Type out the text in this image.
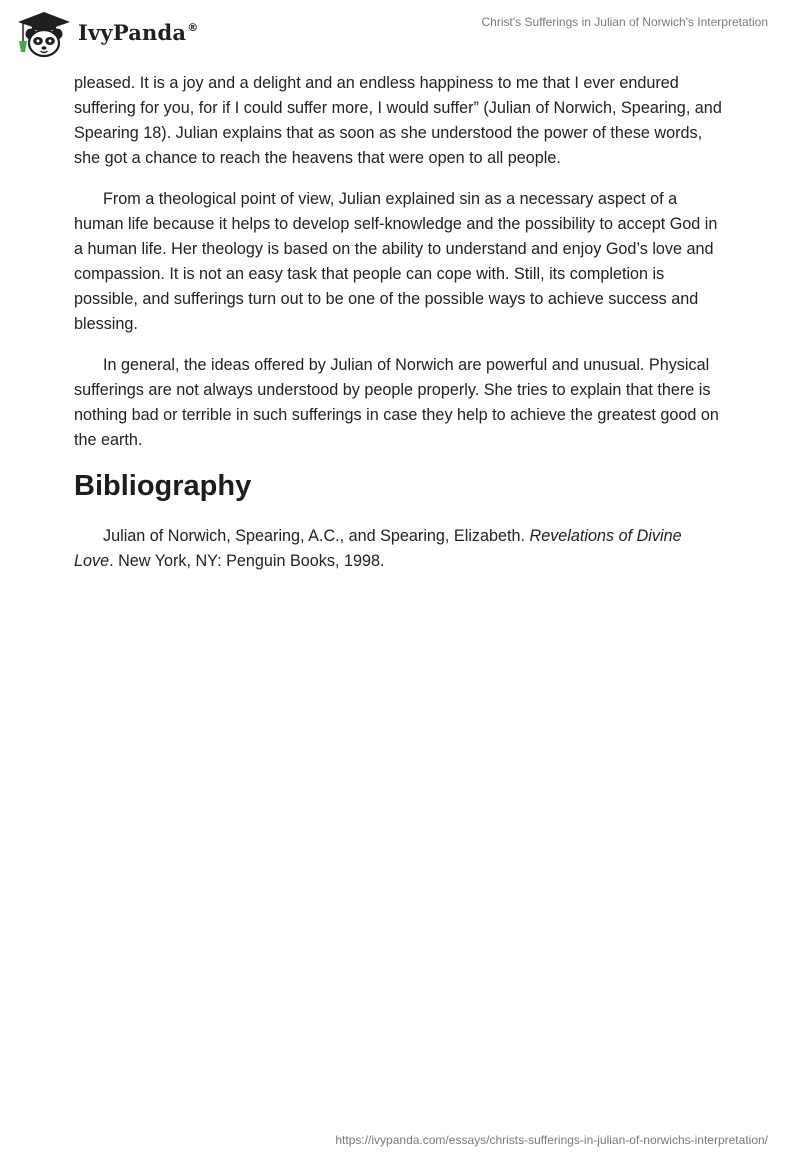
IvyPanda®	Christ's Sufferings in Julian of Norwich's Interpretation

pleased. It is a joy and a delight and an endless happiness to me that I ever endured suffering for you, for if I could suffer more, I would suffer” (Julian of Norwich, Spearing, and Spearing 18). Julian explains that as soon as she understood the power of these words, she got a chance to reach the heavens that were open to all people.

From a theological point of view, Julian explained sin as a necessary aspect of a human life because it helps to develop self-knowledge and the possibility to accept God in a human life. Her theology is based on the ability to understand and enjoy God’s love and compassion. It is not an easy task that people can cope with. Still, its completion is possible, and sufferings turn out to be one of the possible ways to achieve success and blessing.

In general, the ideas offered by Julian of Norwich are powerful and unusual. Physical sufferings are not always understood by people properly. She tries to explain that there is nothing bad or terrible in such sufferings in case they help to achieve the greatest good on the earth.

Bibliography

Julian of Norwich, Spearing, A.C., and Spearing, Elizabeth. Revelations of Divine Love. New York, NY: Penguin Books, 1998.

https://ivypanda.com/essays/christs-sufferings-in-julian-of-norwichs-interpretation/
